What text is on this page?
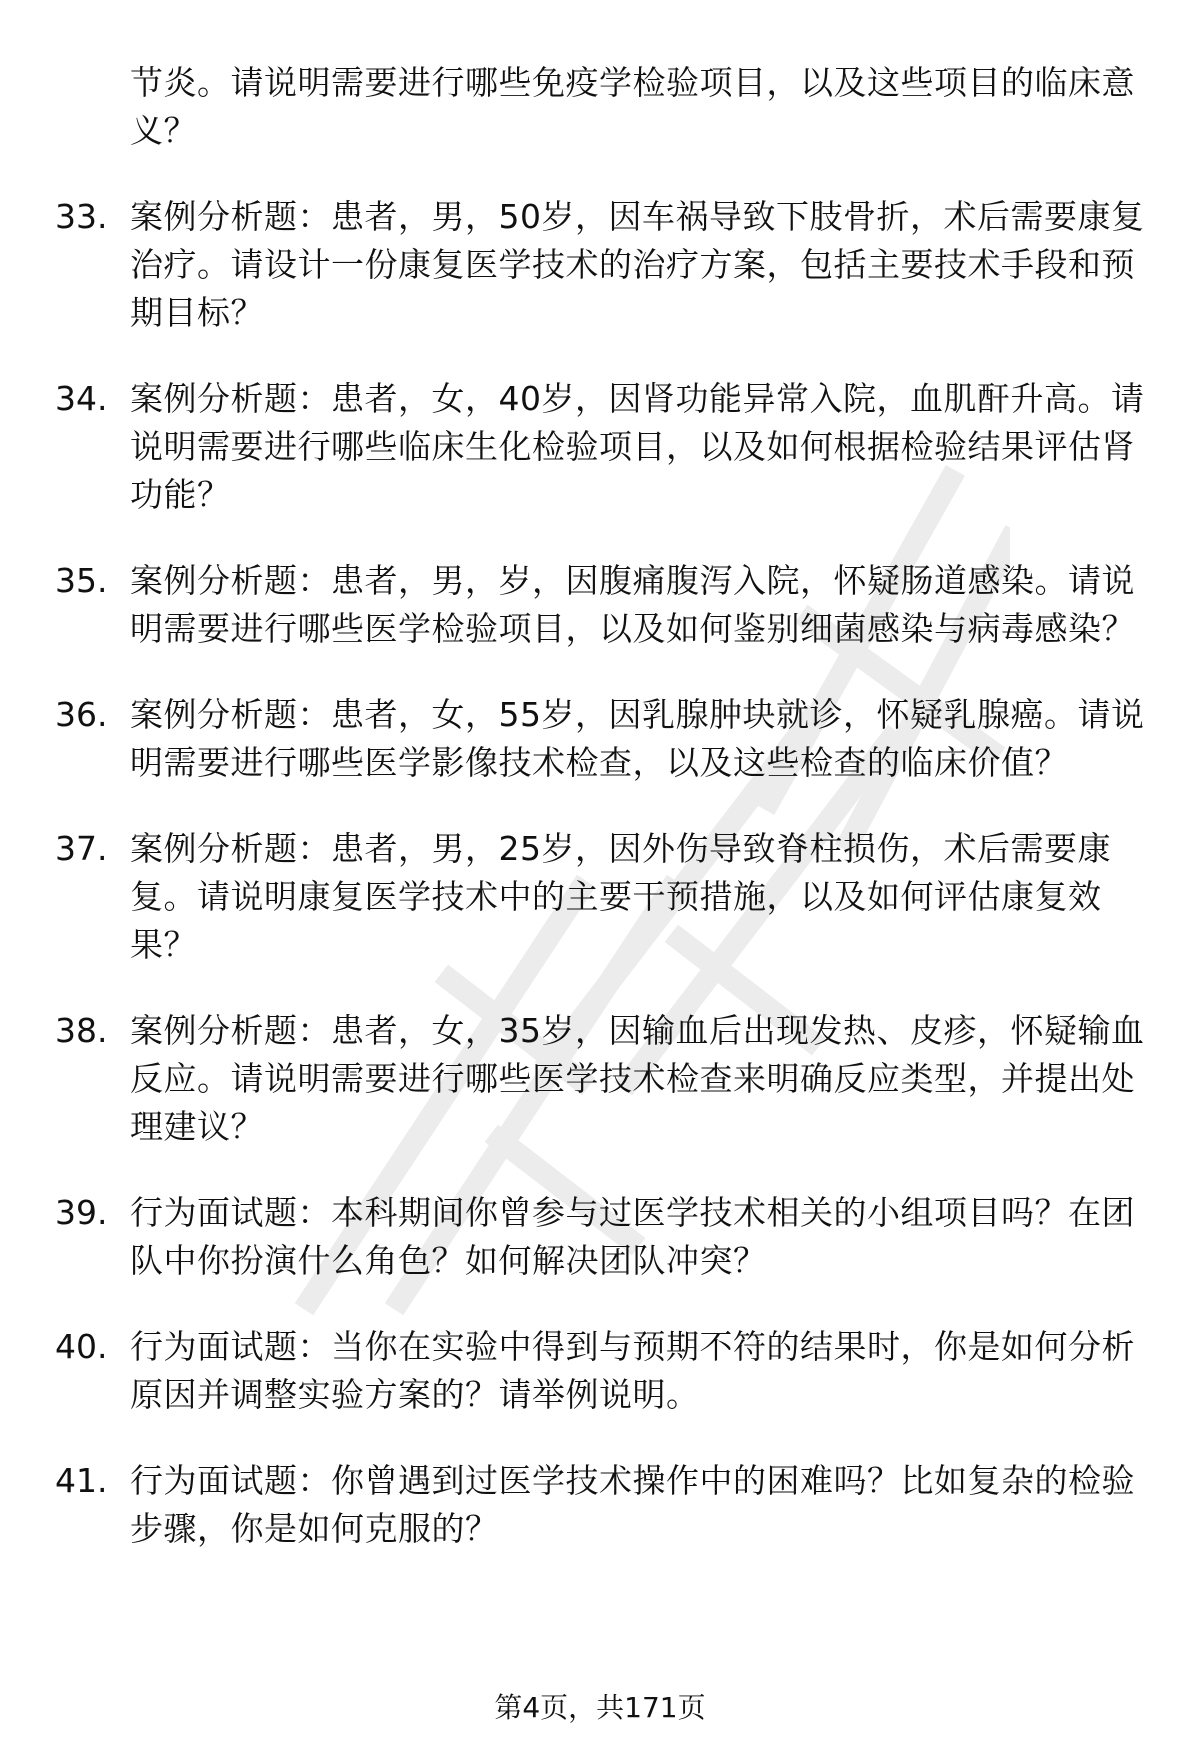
节炎。请说明需要进行哪些免疫学检验项目，以及这些项目的临床意义？
33. 案例分析题：患者，男，50岁，因车祸导致下肢骨折，术后需要康复治疗。请设计一份康复医学技术的治疗方案，包括主要技术手段和预期目标？
34. 案例分析题：患者，女，40岁，因肾功能异常入院，血肌酐升高。请说明需要进行哪些临床生化检验项目，以及如何根据检验结果评估肾功能？
35. 案例分析题：患者，男，岁，因腹痛腹泻入院，怀疑肠道感染。请说明需要进行哪些医学检验项目，以及如何鉴别细菌感染与病毒感染？
36. 案例分析题：患者，女，55岁，因乳腺肿块就诊，怀疑乳腺癌。请说明需要进行哪些医学影像技术检查，以及这些检查的临床价值？
37. 案例分析题：患者，男，25岁，因外伤导致脊柱损伤，术后需要康复。请说明康复医学技术中的主要干预措施，以及如何评估康复效果？
38. 案例分析题：患者，女，35岁，因输血后出现发热、皮疹，怀疑输血反应。请说明需要进行哪些医学技术检查来明确反应类型，并提出处理建议？
39. 行为面试题：本科期间你曾参与过医学技术相关的小组项目吗？在团队中你扮演什么角色？如何解决团队冲突？
40. 行为面试题：当你在实验中得到与预期不符的结果时，你是如何分析原因并调整实验方案的？请举例说明。
41. 行为面试题：你曾遇到过医学技术操作中的困难吗？比如复杂的检验步骤，你是如何克服的？
第4页，共171页
